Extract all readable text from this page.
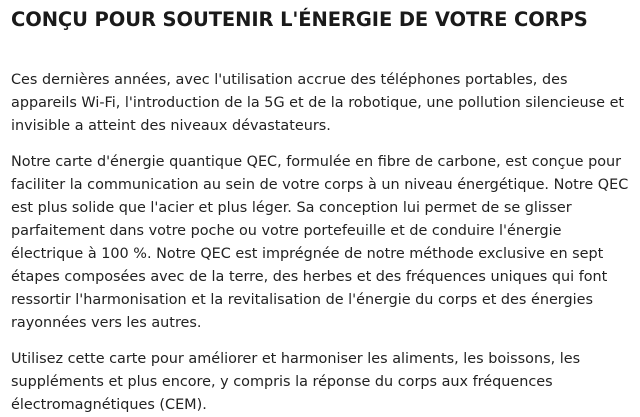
CONÇU POUR SOUTENIR L'ÉNERGIE DE VOTRE CORPS

Ces dernières années, avec l'utilisation accrue des téléphones portables, des appareils Wi-Fi, l'introduction de la 5G et de la robotique, une pollution silencieuse et invisible a atteint des niveaux dévastateurs.

Notre carte d'énergie quantique QEC, formulée en fibre de carbone, est conçue pour faciliter la communication au sein de votre corps à un niveau énergétique. Notre QEC est plus solide que l'acier et plus léger. Sa conception lui permet de se glisser parfaitement dans votre poche ou votre portefeuille et de conduire l'énergie électrique à 100 %. Notre QEC est imprégnée de notre méthode exclusive en sept étapes composées avec de la terre, des herbes et des fréquences uniques qui font ressortir l'harmonisation et la revitalisation de l'énergie du corps et des énergies rayonnées vers les autres.

Utilisez cette carte pour améliorer et harmoniser les aliments, les boissons, les suppléments et plus encore, y compris la réponse du corps aux fréquences électromagnétiques (CEM).
